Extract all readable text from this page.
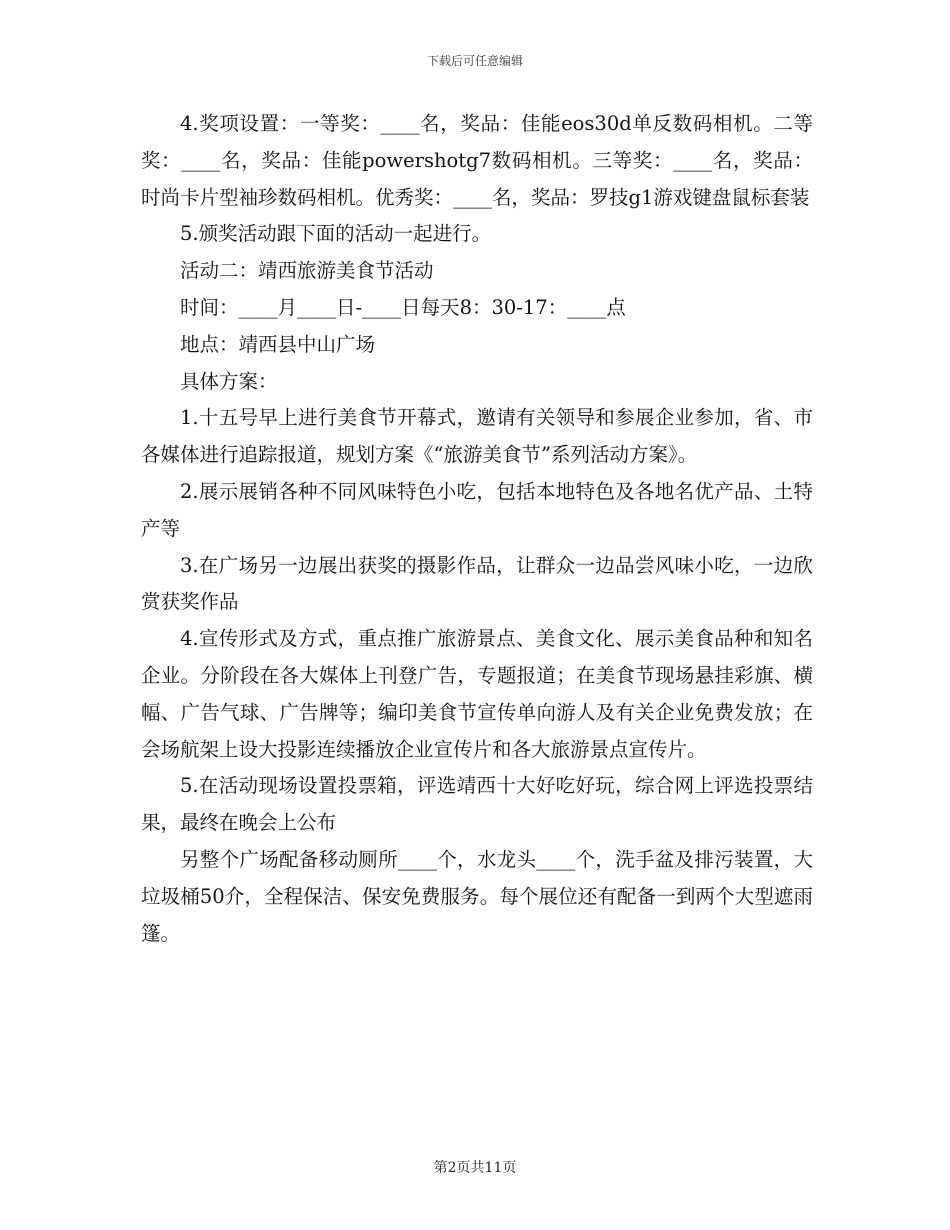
下载后可任意编辑

4.奖项设置：一等奖：____名，奖品：佳能eos30d单反数码相机。二等奖：____名，奖品：佳能powershotg7数码相机。三等奖：____名，奖品：时尚卡片型袖珍数码相机。优秀奖：____名，奖品：罗技g1游戏键盘鼠标套装

5.颁奖活动跟下面的活动一起进行。

活动二：靖西旅游美食节活动

时间：____月____日-____日每天8：30-17：____点

地点：靖西县中山广场

具体方案：

1.十五号早上进行美食节开幕式，邀请有关领导和参展企业参加，省、市各媒体进行追踪报道，规划方案《“旅游美食节”系列活动方案》。

2.展示展销各种不同风味特色小吃，包括本地特色及各地名优产品、土特产等

3.在广场另一边展出获奖的摄影作品，让群众一边品尝风味小吃，一边欣赏获奖作品

4.宣传形式及方式，重点推广旅游景点、美食文化、展示美食品种和知名企业。分阶段在各大媒体上刊登广告，专题报道；在美食节现场悬挂彩旗、横幅、广告气球、广告牌等；编印美食节宣传单向游人及有关企业免费发放；在会场航架上设大投影连续播放企业宣传片和各大旅游景点宣传片。

5.在活动现场设置投票箱，评选靖西十大好吃好玩，综合网上评选投票结果，最终在晚会上公布

另整个广场配备移动厕所____个，水龙头____个，洗手盆及排污装置，大垃圾桶50介，全程保洁、保安免费服务。每个展位还有配备一到两个大型遮雨篷。

第2页共11页
